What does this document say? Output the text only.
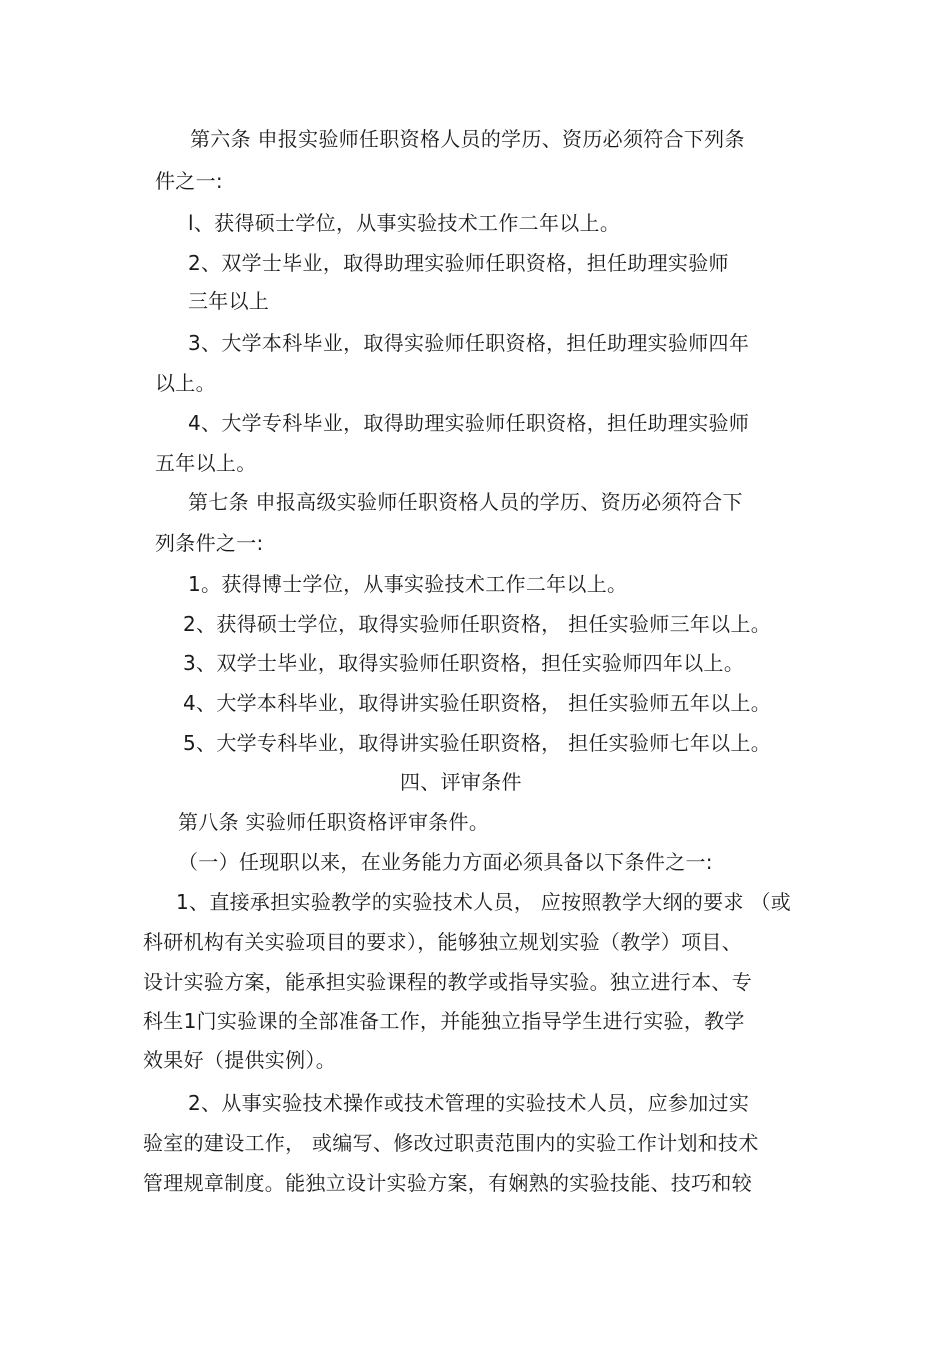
第六条 申报实验师任职资格人员的学历、资历必须符合下列条
件之一:
l、获得硕士学位，从事实验技术工作二年以上。
2、双学士毕业，取得助理实验师任职资格，担任助理实验师
三年以上
3、大学本科毕业，取得实验师任职资格，担任助理实验师四年
以上。
4、大学专科毕业，取得助理实验师任职资格，担任助理实验师
五年以上。
第七条 申报高级实验师任职资格人员的学历、资历必须符合下
列条件之一:
1。获得博士学位，从事实验技术工作二年以上。
2、获得硕士学位，取得实验师任职资格， 担任实验师三年以上。
3、双学士毕业，取得实验师任职资格，担任实验师四年以上。
4、大学本科毕业，取得讲实验任职资格， 担任实验师五年以上。
5、大学专科毕业，取得讲实验任职资格， 担任实验师七年以上。
四、评审条件
第八条 实验师任职资格评审条件。
（一）任现职以来，在业务能力方面必须具备以下条件之一:
1、直接承担实验教学的实验技术人员， 应按照教学大纲的要求 （或
科研机构有关实验项目的要求），能够独立规划实验（教学）项目、
设计实验方案，能承担实验课程的教学或指导实验。独立进行本、专
科生1门实验课的全部准备工作，并能独立指导学生进行实验，教学
效果好（提供实例）。
2、从事实验技术操作或技术管理的实验技术人员，应参加过实
验室的建设工作， 或编写、修改过职责范围内的实验工作计划和技术
管理规章制度。能独立设计实验方案，有娴熟的实验技能、技巧和较
